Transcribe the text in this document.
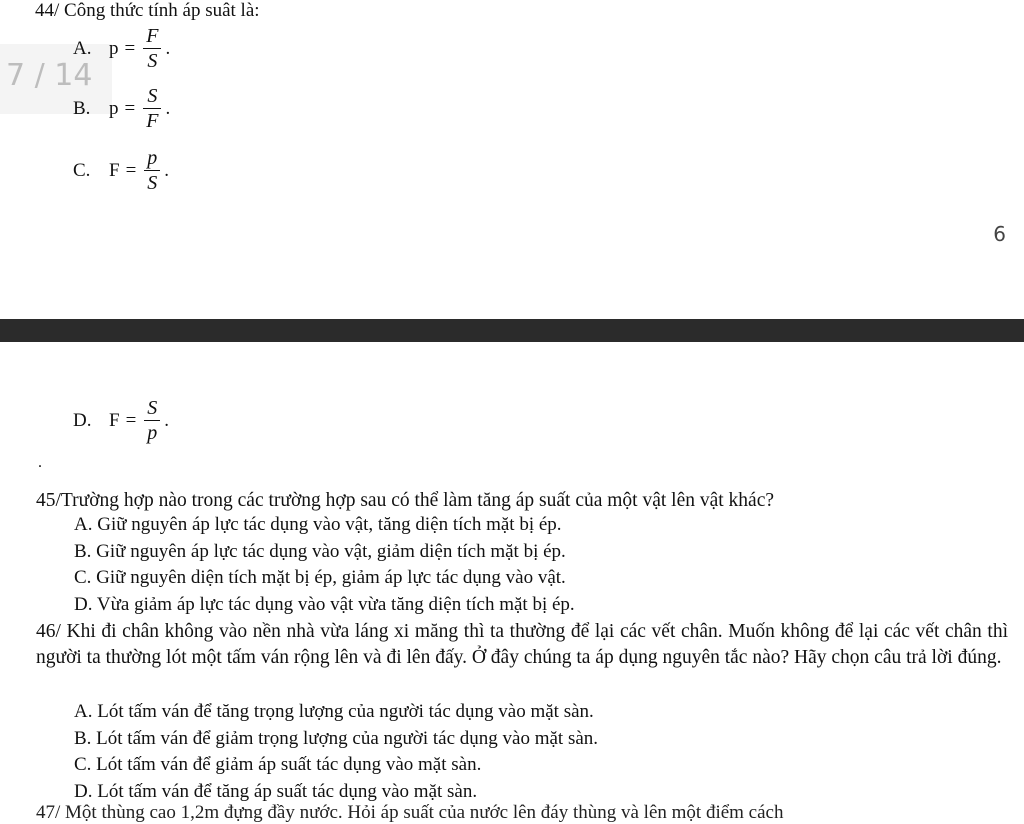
44/ Công thức tính áp suât là:
7 / 14
A. $p = \frac{F}{S}$ .
B. $p = \frac{S}{F}$ .
C. $F = \frac{p}{S}$ .
6
D. $F = \frac{S}{p}$ .
.
45/Trường hợp nào trong các trường hợp sau có thể làm tăng áp suất của một vật lên vật khác?
A. Giữ nguyên áp lực tác dụng vào vật, tăng diện tích mặt bị ép.
B. Giữ nguyên áp lực tác dụng vào vật, giảm diện tích mặt bị ép.
C. Giữ nguyên diện tích mặt bị ép, giảm áp lực tác dụng vào vật.
D. Vừa giảm áp lực tác dụng vào vật vừa tăng diện tích mặt bị ép.
46/ Khi đi chân không vào nền nhà vừa láng xi măng thì ta thường để lại các vết chân. Muốn không để lại các vết chân thì người ta thường lót một tấm ván rộng lên và đi lên đấy. Ở đây chúng ta áp dụng nguyên tắc nào? Hãy chọn câu trả lời đúng.
A. Lót tấm ván để tăng trọng lượng của người tác dụng vào mặt sàn.
B. Lót tấm ván để giảm trọng lượng của người tác dụng vào mặt sàn.
C. Lót tấm ván để giảm áp suất tác dụng vào mặt sàn.
D. Lót tấm ván để tăng áp suất tác dụng vào mặt sàn.
47/ Một thùng cao 1,2m đựng đầy nước. Hỏi áp suất của nước lên đáy thùng và lên một điểm cách
